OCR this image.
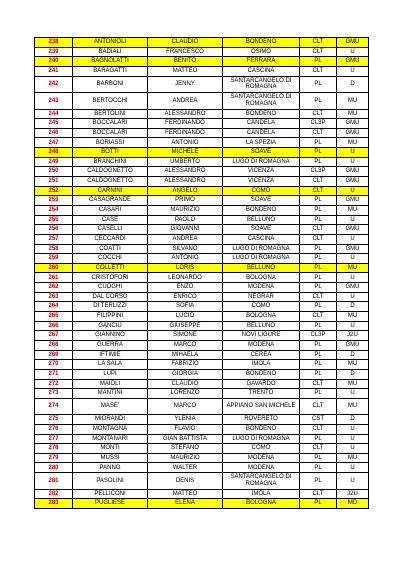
238	ANTONIOLI	CLAUDIO	BONDENO	CLT	GMU
239	BADIALI	FRANCESCO	OSIMO	CLT	U
240	BAGNOLATTI	BENITO	FERRARA	PL	GMU
241	BARAGATTI	MATTEO	CASCINA	CLT	U
242	BARBONI	JENNY	SANTARCANGELO DI ROMAGNA	PL	D
243	BERTOCCHI	ANDREA	SANTARCANGELO DI ROMAGNA	PL	MU
244	BERTOLINI	ALESSANDRO	BONDENO	CLT	MU
245	BOCCALARI	FERDINANDO	CANDELA	CL3P	GMU
246	BOCCALARI	FERDINANDO	CANDELA	CLT	GMU
247	BORIASSI	ANTONIO	LA SPEZIA	PL	MU
248	BOTTI	MICHELE	SOAVE	PL	U
249	BRANCHINI	UMBERTO	LUGO DI ROMAGNA	PL	U
250	CALDOGNETTO	ALESSANDRO	VICENZA	CL3P	GMU
251	CALDOGNETTO	ALESSANDRO	VICENZA	CLT	GMU
252	CARNINI	ANGELO	COMO	CLT	U
253	CASAGRANDE	PRIMO	SOAVE	PL	GMU
254	CASARI	MAURIZIO	BONDENO	PL	MU
255	CASE	PAOLO	BELLUNO	PL	U
256	CASELLI	GIOVANNI	SOAVE	CLT	GMU
257	CECCARDI	ANDREA	CASCINA	CLT	U
258	COATTI	SILVANO	LUGO DI ROMAGNA	PL	GMU
259	COCCHI	ANTONIO	LUGO DI ROMAGNA	PL	U
260	COLLETTI	LORIS	BELLUNO	PL	MU
261	CRISTOFORI	LEONARDO	BOLOGNA	PL	U
262	CUOGHI	ENZO	MODENA	PL	GMU
263	DAL CORSO	ENRICO	NEGRAR	CLT	U
264	DI TERLIZZI	SOFIA	COMO	PL	D
265	FILIPPINI	LUCIO	BOLOGNA	CLT	MU
266	GANCIU	GIUSEPPE	BELLUNO	PL	U
267	GIANNINO	SIMONE	NOVI LIGURE	CL3P	J2U
268	GUERRA	MARCO	MODENA	PL	GMU
269	IFTIMIE	MIHAELA	CEREA	PL	D
270	LA SALA	FABRIZIO	IMOLA	PL	MU
271	LUPI	GIORGIA	BONDENO	PL	D
272	MAIOLI	CLAUDIO	GAVARDO	CLT	MU
273	MANTINI	LORENZO	TRENTO	PL	U
274	MASE'	MARCO	APPIANO SAN MICHELE	CLT	MU
275	MIORANDI	YLENIA	ROVERETO	CST	D
276	MONTAGNA	FLAVIO	BONDENO	CLT	U
277	MONTANARI	GIAN BATTISTA	LUGO DI ROMAGNA	PL	U
278	MONTI	STEFANO	COMO	CLT	U
279	MUSSI	MAURIZIO	MODENA	PL	MU
280	PANNO	WALTER	MODENA	PL	U
281	PASOLINI	DENIS	SANTARCANGELO DI ROMAGNA	PL	U
282	PELLICONI	MATTEO	IMOLA	CLT	J2U
283	PUGLIESE	ELENA	BOLOGNA	PL	MD
